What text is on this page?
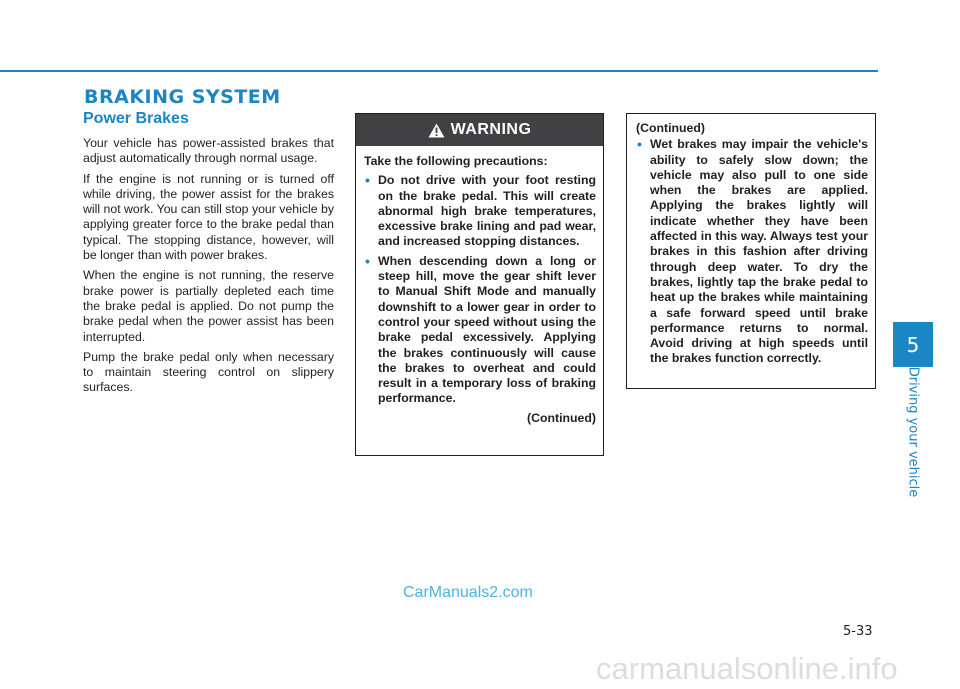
BRAKING SYSTEM
Power Brakes

Your vehicle has power-assisted brakes that adjust automatically through normal usage.

If the engine is not running or is turned off while driving, the power assist for the brakes will not work. You can still stop your vehicle by applying greater force to the brake pedal than typical. The stopping distance, however, will be longer than with power brakes.

When the engine is not running, the reserve brake power is partially depleted each time the brake pedal is applied. Do not pump the brake pedal when the power assist has been interrupted.

Pump the brake pedal only when necessary to maintain steering control on slippery surfaces.

WARNING

Take the following precautions:

• Do not drive with your foot resting on the brake pedal. This will create abnormal high brake temperatures, excessive brake lining and pad wear, and increased stopping distances.
• When descending down a long or steep hill, move the gear shift lever to Manual Shift Mode and manually downshift to a lower gear in order to control your speed without using the brake pedal excessively. Applying the brakes continuously will cause the brakes to overheat and could result in a temporary loss of braking performance.

(Continued)

(Continued)

• Wet brakes may impair the vehicle's ability to safely slow down; the vehicle may also pull to one side when the brakes are applied. Applying the brakes lightly will indicate whether they have been affected in this way. Always test your brakes in this fashion after driving through deep water. To dry the brakes, lightly tap the brake pedal to heat up the brakes while maintaining a safe forward speed until brake performance returns to normal. Avoid driving at high speeds until the brakes function correctly.
5
Driving your vehicle
5-33
CarManuals2.com
carmanualsonline.info
